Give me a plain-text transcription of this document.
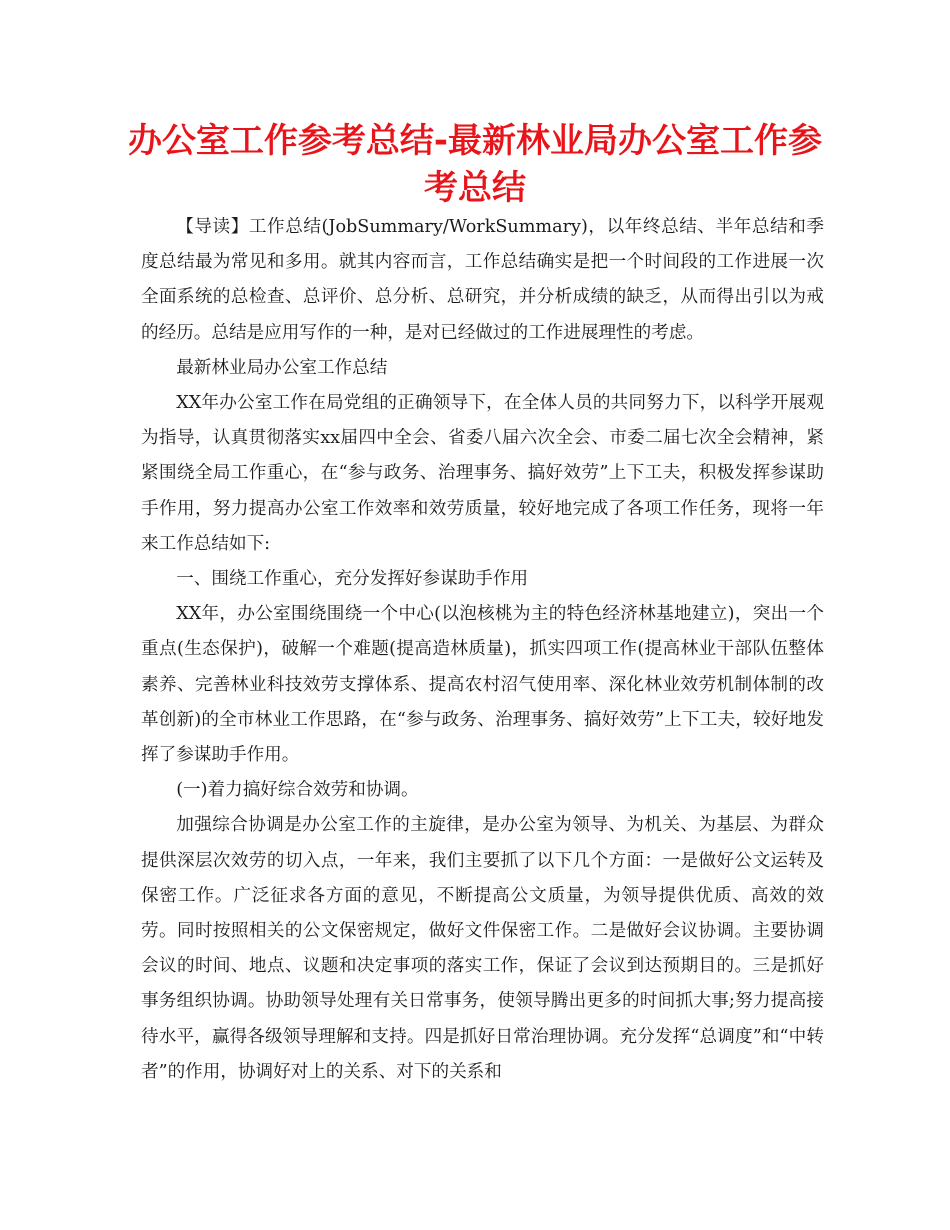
办公室工作参考总结-最新林业局办公室工作参考总结

【导读】工作总结(JobSummary/WorkSummary)，以年终总结、半年总结和季度总结最为常见和多用。就其内容而言，工作总结确实是把一个时间段的工作进展一次全面系统的总检查、总评价、总分析、总研究，并分析成绩的缺乏，从而得出引以为戒的经历。总结是应用写作的一种，是对已经做过的工作进展理性的考虑。

最新林业局办公室工作总结

XX年办公室工作在局党组的正确领导下，在全体人员的共同努力下，以科学开展观为指导，认真贯彻落实xx届四中全会、省委八届六次全会、市委二届七次全会精神，紧紧围绕全局工作重心，在“参与政务、治理事务、搞好效劳”上下工夫，积极发挥参谋助手作用，努力提高办公室工作效率和效劳质量，较好地完成了各项工作任务，现将一年来工作总结如下:

一、围绕工作重心，充分发挥好参谋助手作用

XX年，办公室围绕围绕一个中心(以泡核桃为主的特色经济林基地建立)，突出一个重点(生态保护)，破解一个难题(提高造林质量)，抓实四项工作(提高林业干部队伍整体素养、完善林业科技效劳支撑体系、提高农村沼气使用率、深化林业效劳机制体制的改革创新)的全市林业工作思路，在“参与政务、治理事务、搞好效劳”上下工夫，较好地发挥了参谋助手作用。

(一)着力搞好综合效劳和协调。

加强综合协调是办公室工作的主旋律，是办公室为领导、为机关、为基层、为群众提供深层次效劳的切入点，一年来，我们主要抓了以下几个方面：一是做好公文运转及保密工作。广泛征求各方面的意见，不断提高公文质量，为领导提供优质、高效的效劳。同时按照相关的公文保密规定，做好文件保密工作。二是做好会议协调。主要协调会议的时间、地点、议题和决定事项的落实工作，保证了会议到达预期目的。三是抓好事务组织协调。协助领导处理有关日常事务，使领导腾出更多的时间抓大事;努力提高接待水平，赢得各级领导理解和支持。四是抓好日常治理协调。充分发挥“总调度”和“中转者”的作用，协调好对上的关系、对下的关系和
